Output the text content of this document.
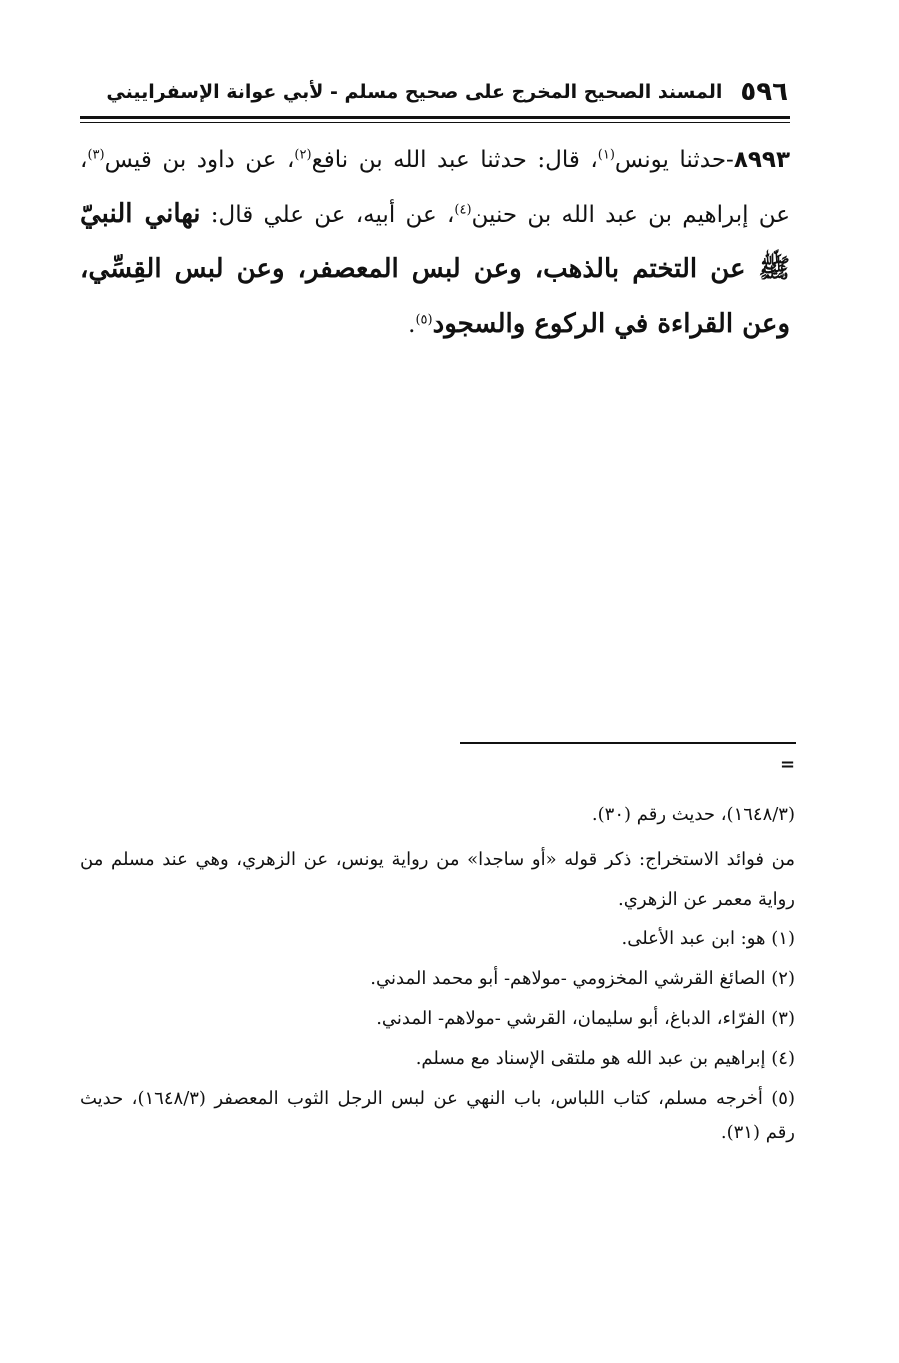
٥٩٦
المسند الصحيح المخرج على صحيح مسلم - لأبي عوانة الإسفراييني
٨٩٩٣-حدثنا يونس$^{(١)}$، قال: حدثنا عبد الله بن نافع$^{(٢)}$، عن داود بن قيس$^{(٣)}$، عن إبراهيم بن عبد الله بن حنين$^{(٤)}$، عن أبيه، عن علي قال: نهاني النبيّ ﷺ عن التختم بالذهب، وعن لبس المعصفر، وعن لبس القِسِّي، وعن القراءة في الركوع والسجود$^{(٥)}$.
=
(١٦٤٨/٣)، حديث رقم (٣٠).
من فوائد الاستخراج: ذكر قوله «أو ساجدا» من رواية يونس، عن الزهري، وهي عند مسلم من رواية معمر عن الزهري.
(١) هو: ابن عبد الأعلى.
(٢) الصائغ القرشي المخزومي -مولاهم- أبو محمد المدني.
(٣) الفرّاء، الدباغ، أبو سليمان، القرشي -مولاهم- المدني.
(٤) إبراهيم بن عبد الله هو ملتقى الإسناد مع مسلم.
(٥) أخرجه مسلم، كتاب اللباس، باب النهي عن لبس الرجل الثوب المعصفر (١٦٤٨/٣)، حديث رقم (٣١).
